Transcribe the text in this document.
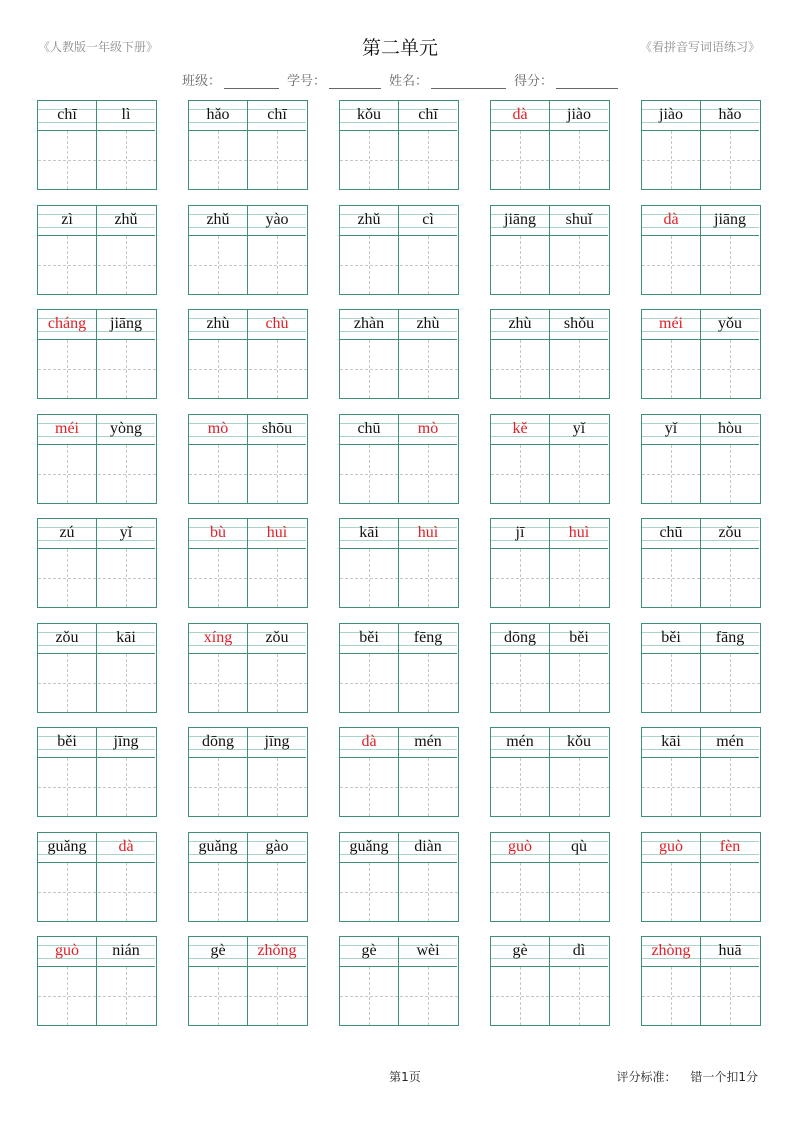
《人教版一年级下册》	第二单元	《看拼音写词语练习》
班级：	学号：	姓名：	得分：
chī	lì	hǎo	chī	kǒu	chī	dà	jiào	jiào	hǎo
zì	zhǔ	zhǔ	yào	zhǔ	cì	jiāng	shuǐ	dà	jiāng
cháng	jiāng	zhù	chù	zhàn	zhù	zhù	shǒu	méi	yǒu
méi	yòng	mò	shōu	chū	mò	kě	yǐ	yǐ	hòu
zú	yǐ	bù	huì	kāi	huì	jī	huì	chū	zǒu
zǒu	kāi	xíng	zǒu	běi	fēng	dōng	běi	běi	fāng
běi	jīng	dōng	jīng	dà	mén	mén	kǒu	kāi	mén
guǎng	dà	guǎng	gào	guǎng	diàn	guò	qù	guò	fèn
guò	nián	gè	zhǒng	gè	wèi	gè	dì	zhòng	huā
第1页	评分标准： 错一个扣1分
